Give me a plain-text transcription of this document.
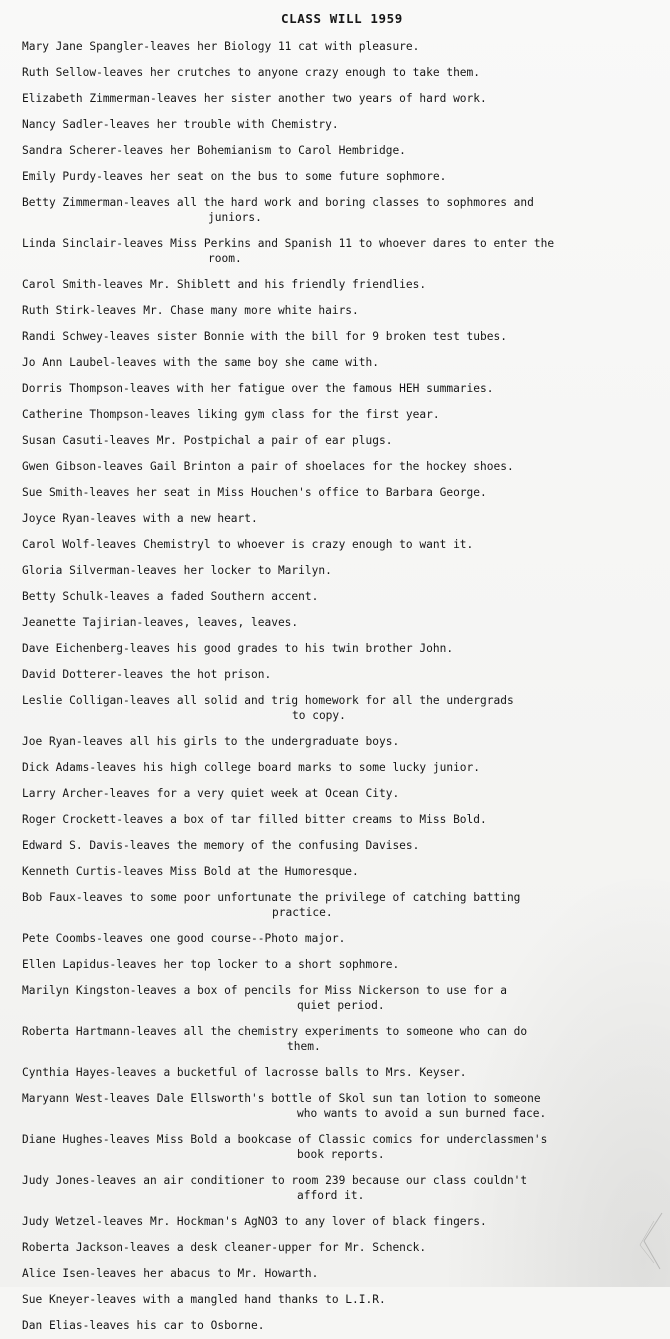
CLASS WILL 1959
Mary Jane Spangler-leaves her Biology 11 cat with pleasure.
Ruth Sellow-leaves her crutches to anyone crazy enough to take them.
Elizabeth Zimmerman-leaves her sister another two years of hard work.
Nancy Sadler-leaves her trouble with Chemistry.
Sandra Scherer-leaves her Bohemianism to Carol Hembridge.
Emily Purdy-leaves her seat on the bus to some future sophmore.
Betty Zimmerman-leaves all the hard work and boring classes to sophmores and
juniors.
Linda Sinclair-leaves Miss Perkins and Spanish 11 to whoever dares to enter the
room.
Carol Smith-leaves Mr. Shiblett and his friendly friendlies.
Ruth Stirk-leaves Mr. Chase many more white hairs.
Randi Schwey-leaves sister Bonnie with the bill for 9 broken test tubes.
Jo Ann Laubel-leaves with the same boy she came with.
Dorris Thompson-leaves with her fatigue over the famous HEH summaries.
Catherine Thompson-leaves liking gym class for the first year.
Susan Casuti-leaves Mr. Postpichal a pair of ear plugs.
Gwen Gibson-leaves Gail Brinton a pair of shoelaces for the hockey shoes.
Sue Smith-leaves her seat in Miss Houchen's office to Barbara George.
Joyce Ryan-leaves with a new heart.
Carol Wolf-leaves Chemistryl to whoever is crazy enough to want it.
Gloria Silverman-leaves her locker to Marilyn.
Betty Schulk-leaves a faded Southern accent.
Jeanette Tajirian-leaves, leaves, leaves.
Dave Eichenberg-leaves his good grades to his twin brother John.
David Dotterer-leaves the hot prison.
Leslie Colligan-leaves all solid and trig homework for all the undergrads
to copy.
Joe Ryan-leaves all his girls to the undergraduate boys.
Dick Adams-leaves his high college board marks to some lucky junior.
Larry Archer-leaves for a very quiet week at Ocean City.
Roger Crockett-leaves a box of tar filled bitter creams to Miss Bold.
Edward S. Davis-leaves the memory of the confusing Davises.
Kenneth Curtis-leaves Miss Bold at the Humoresque.
Bob Faux-leaves to some poor unfortunate the privilege of catching batting
practice.
Pete Coombs-leaves one good course--Photo major.
Ellen Lapidus-leaves her top locker to a short sophmore.
Marilyn Kingston-leaves a box of pencils for Miss Nickerson to use for a
quiet period.
Roberta Hartmann-leaves all the chemistry experiments to someone who can do
them.
Cynthia Hayes-leaves a bucketful of lacrosse balls to Mrs. Keyser.
Maryann West-leaves Dale Ellsworth's bottle of Skol sun tan lotion to someone
who wants to avoid a sun burned face.
Diane Hughes-leaves Miss Bold a bookcase of Classic comics for underclassmen's
book reports.
Judy Jones-leaves an air conditioner to room 239 because our class couldn't
afford it.
Judy Wetzel-leaves Mr. Hockman's AgNO3 to any lover of black fingers.
Roberta Jackson-leaves a desk cleaner-upper for Mr. Schenck.
Alice Isen-leaves her abacus to Mr. Howarth.
Sue Kneyer-leaves with a mangled hand thanks to L.I.R.
Dan Elias-leaves his car to Osborne.
